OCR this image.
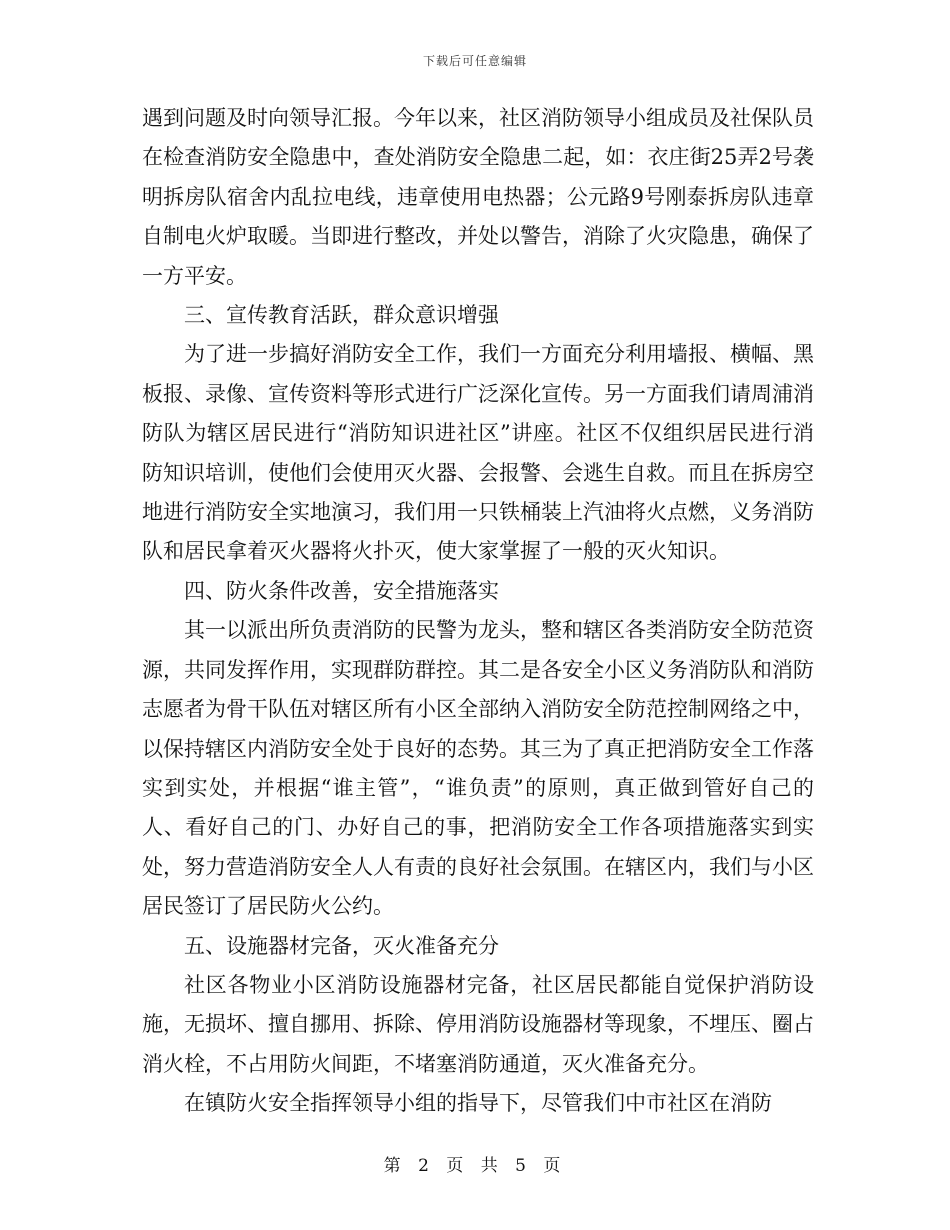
下载后可任意编辑

遇到问题及时向领导汇报。今年以来，社区消防领导小组成员及社保队员在检查消防安全隐患中，查处消防安全隐患二起，如：衣庄街25弄2号袭明拆房队宿舍内乱拉电线，违章使用电热器；公元路9号刚泰拆房队违章自制电火炉取暖。当即进行整改，并处以警告，消除了火灾隐患，确保了一方平安。

三、宣传教育活跃，群众意识增强

为了进一步搞好消防安全工作，我们一方面充分利用墙报、横幅、黑板报、录像、宣传资料等形式进行广泛深化宣传。另一方面我们请周浦消防队为辖区居民进行“消防知识进社区”讲座。社区不仅组织居民进行消防知识培训，使他们会使用灭火器、会报警、会逃生自救。而且在拆房空地进行消防安全实地演习，我们用一只铁桶装上汽油将火点燃，义务消防队和居民拿着灭火器将火扑灭，使大家掌握了一般的灭火知识。

四、防火条件改善，安全措施落实

其一以派出所负责消防的民警为龙头，整和辖区各类消防安全防范资源，共同发挥作用，实现群防群控。其二是各安全小区义务消防队和消防志愿者为骨干队伍对辖区所有小区全部纳入消防安全防范控制网络之中，以保持辖区内消防安全处于良好的态势。其三为了真正把消防安全工作落实到实处，并根据“谁主管”，“谁负责”的原则，真正做到管好自己的人、看好自己的门、办好自己的事，把消防安全工作各项措施落实到实处，努力营造消防安全人人有责的良好社会氛围。在辖区内，我们与小区居民签订了居民防火公约。

五、设施器材完备，灭火准备充分

社区各物业小区消防设施器材完备，社区居民都能自觉保护消防设施，无损坏、擅自挪用、拆除、停用消防设施器材等现象，不埋压、圈占消火栓，不占用防火间距，不堵塞消防通道，灭火准备充分。

在镇防火安全指挥领导小组的指导下，尽管我们中市社区在消防

第 2 页 共 5 页
